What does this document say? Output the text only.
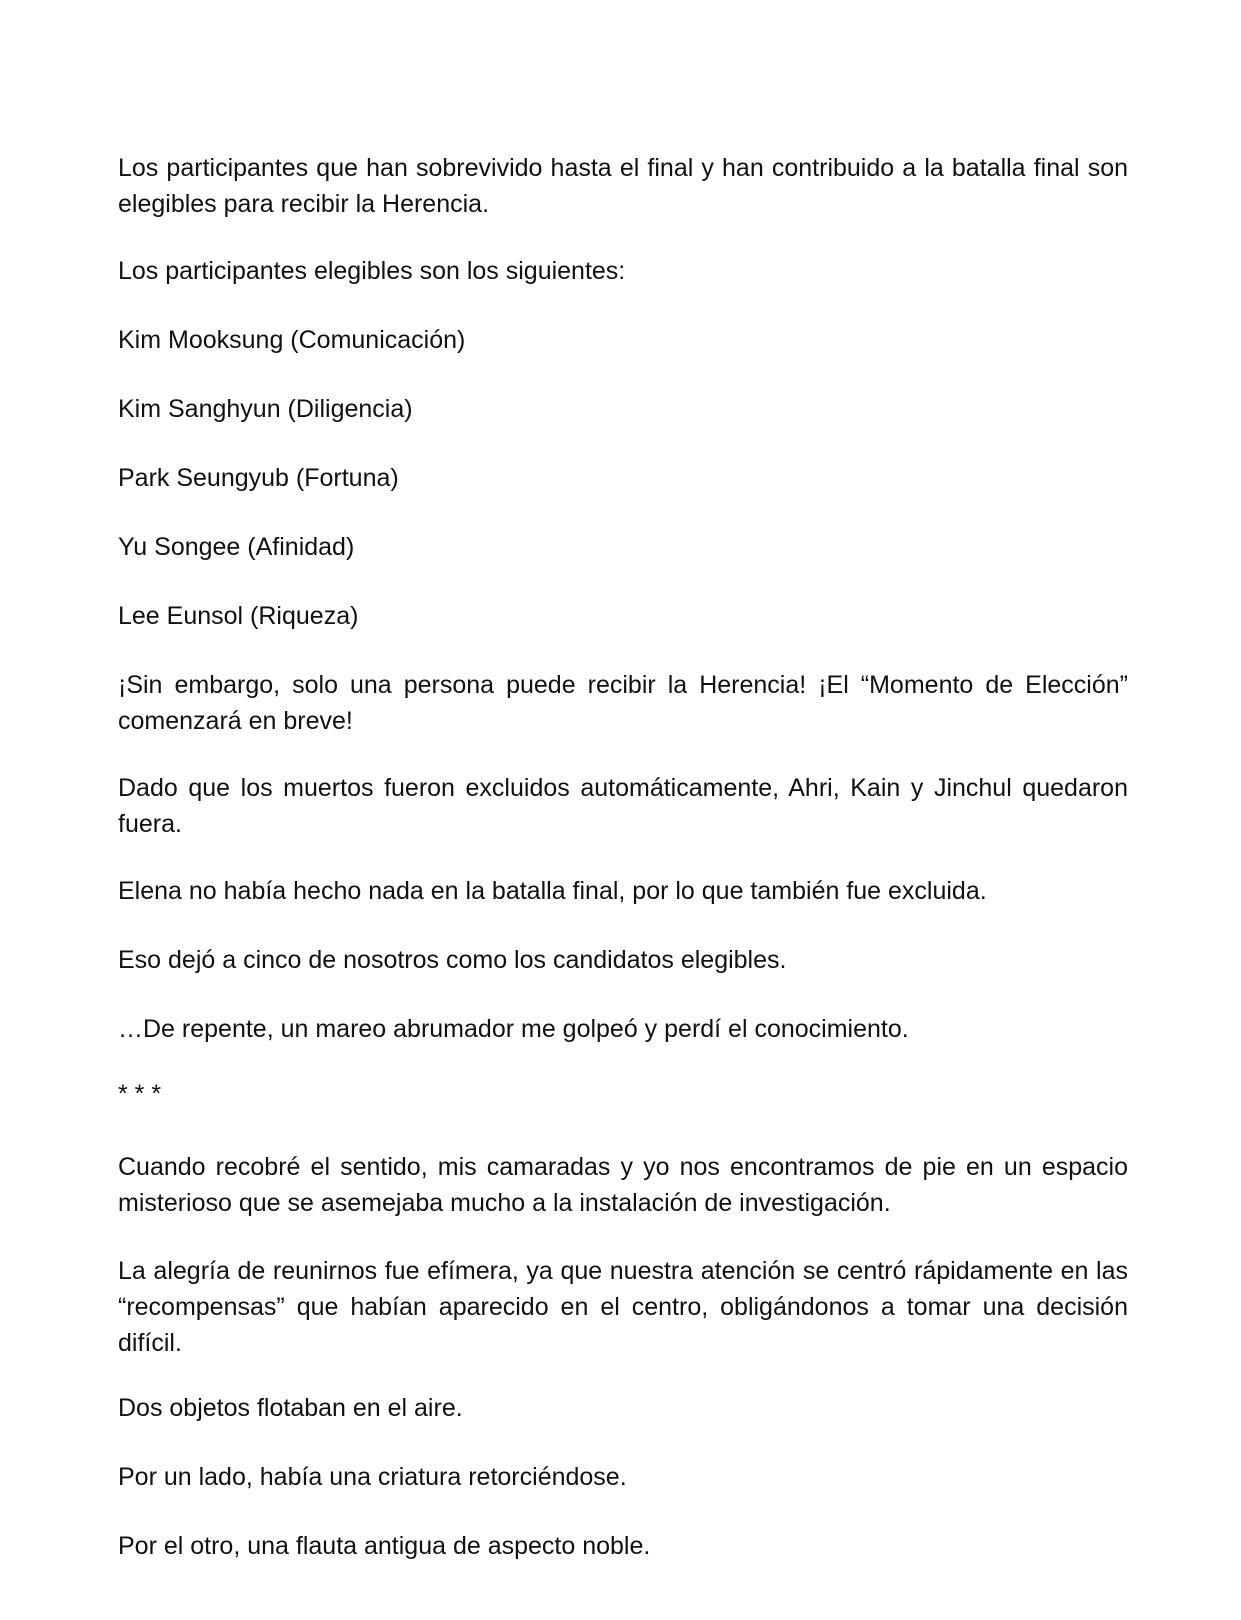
Los participantes que han sobrevivido hasta el final y han contribuido a la batalla final son elegibles para recibir la Herencia.

Los participantes elegibles son los siguientes:

Kim Mooksung (Comunicación)

Kim Sanghyun (Diligencia)

Park Seungyub (Fortuna)

Yu Songee (Afinidad)

Lee Eunsol (Riqueza)

¡Sin embargo, solo una persona puede recibir la Herencia! ¡El “Momento de Elección” comenzará en breve!

Dado que los muertos fueron excluidos automáticamente, Ahri, Kain y Jinchul quedaron fuera.

Elena no había hecho nada en la batalla final, por lo que también fue excluida.

Eso dejó a cinco de nosotros como los candidatos elegibles.

…De repente, un mareo abrumador me golpeó y perdí el conocimiento.

* * *

Cuando recobré el sentido, mis camaradas y yo nos encontramos de pie en un espacio misterioso que se asemejaba mucho a la instalación de investigación.

La alegría de reunirnos fue efímera, ya que nuestra atención se centró rápidamente en las “recompensas” que habían aparecido en el centro, obligándonos a tomar una decisión difícil.

Dos objetos flotaban en el aire.

Por un lado, había una criatura retorciéndose.

Por el otro, una flauta antigua de aspecto noble.
